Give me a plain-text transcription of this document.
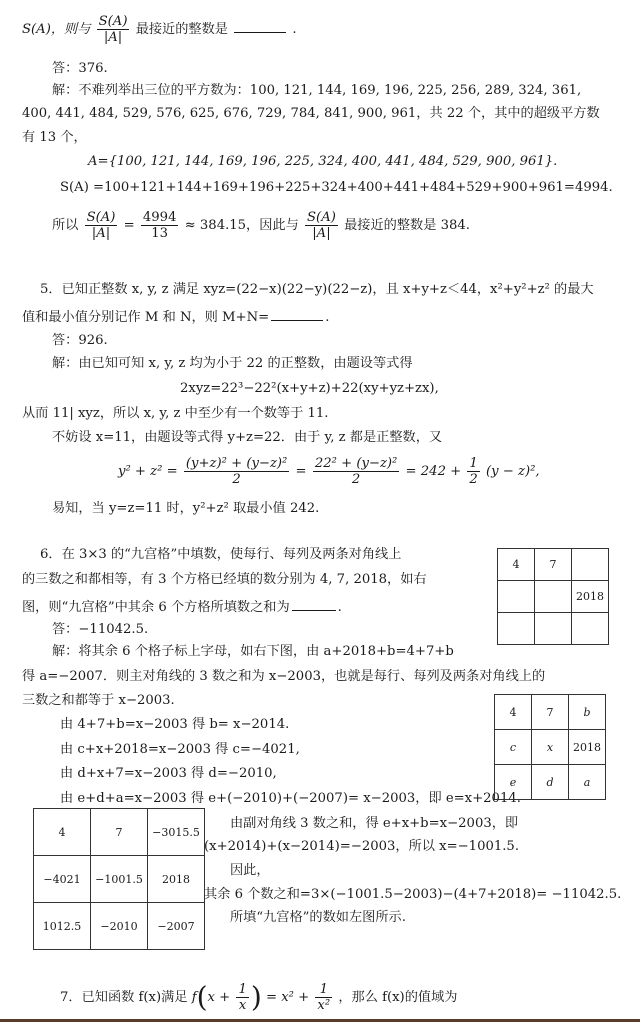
S(A)，则与 $\frac{S(A)}{|A|}$ 最接近的整数是	.
答：376.
解：不难列举出三位的平方数为：100, 121, 144, 169, 196, 225, 256, 289, 324, 361,
400, 441, 484, 529, 576, 625, 676, 729, 784, 841, 900, 961，共 22 个，其中的超级平方数
有 13 个，
A={100, 121, 144, 169, 196, 225, 324, 400, 441, 484, 529, 900, 961}.
S(A) =100+121+144+169+196+225+324+400+441+484+529+900+961=4994.
所以 $\frac{S(A)}{|A|} = \frac{4994}{13} \approx 384.15$，因此与 $\frac{S(A)}{|A|}$ 最接近的整数是 384.
5．已知正整数 x, y, z 满足 xyz=(22−x)(22−y)(22−z)，且 x+y+z＜44，x²+y²+z² 的最大
值和最小值分别记作 M 和 N，则 M+N=	.
答：926.
解：由已知可知 x, y, z 均为小于 22 的正整数，由题设等式得
2xyz=22³−22²(x+y+z)+22(xy+yz+zx),
从而 11| xyz，所以 x, y, z 中至少有一个数等于 11.
不妨设 x=11，由题设等式得 y+z=22．由于 y, z 都是正整数，又
$y^2 + z^2 = \frac{\text{(y+z)² + (y−z)²}}{2} = \frac{\text{22² + (y−z)²}}{2} = 242 + \frac{1}{2} (y - z)^2$,
易知，当 y=z=11 时，y²+z² 取最小值 242.
6．在 3×3 的“九宫格”中填数，使每行、每列及两条对角线上
的三数之和都相等，有 3 个方格已经填的数分别为 4, 7, 2018，如右
图，则“九宫格”中其余 6 个方格所填数之和为	.
答：−11042.5.
解：将其余 6 个格子标上字母，如右下图，由 a+2018+b=4+7+b
得 a=−2007．则主对角线的 3 数之和为 x−2003，也就是每行、每列及两条对角线上的
三数之和都等于 x−2003.
由 4+7+b=x−2003 得 b= x−2014.
由 c+x+2018=x−2003 得 c=−4021,
由 d+x+7=x−2003 得 d=−2010,
由 e+d+a=x−2003 得 e+(−2010)+(−2007)= x−2003，即 e=x+2014.
由副对角线 3 数之和，得 e+x+b=x−2003，即
(x+2014)+(x−2014)=−2003，所以 x=−1001.5.
因此，
其余 6 个数之和=3×(−1001.5−2003)−(4+7+2018)= −11042.5.
所填“九宫格”的数如左图所示.
4	7	
		2018

4	7	b
c	x	2018
e	d	a
4	7	−3015.5
−4021	−1001.5	2018
1012.5	−2010	−2007
7．已知函数 f(x)满足 $f(x + \frac{1}{x}$ ) = $x^2 + \frac{1}{\text{x²}}$ ，那么 f(x)的值域为
